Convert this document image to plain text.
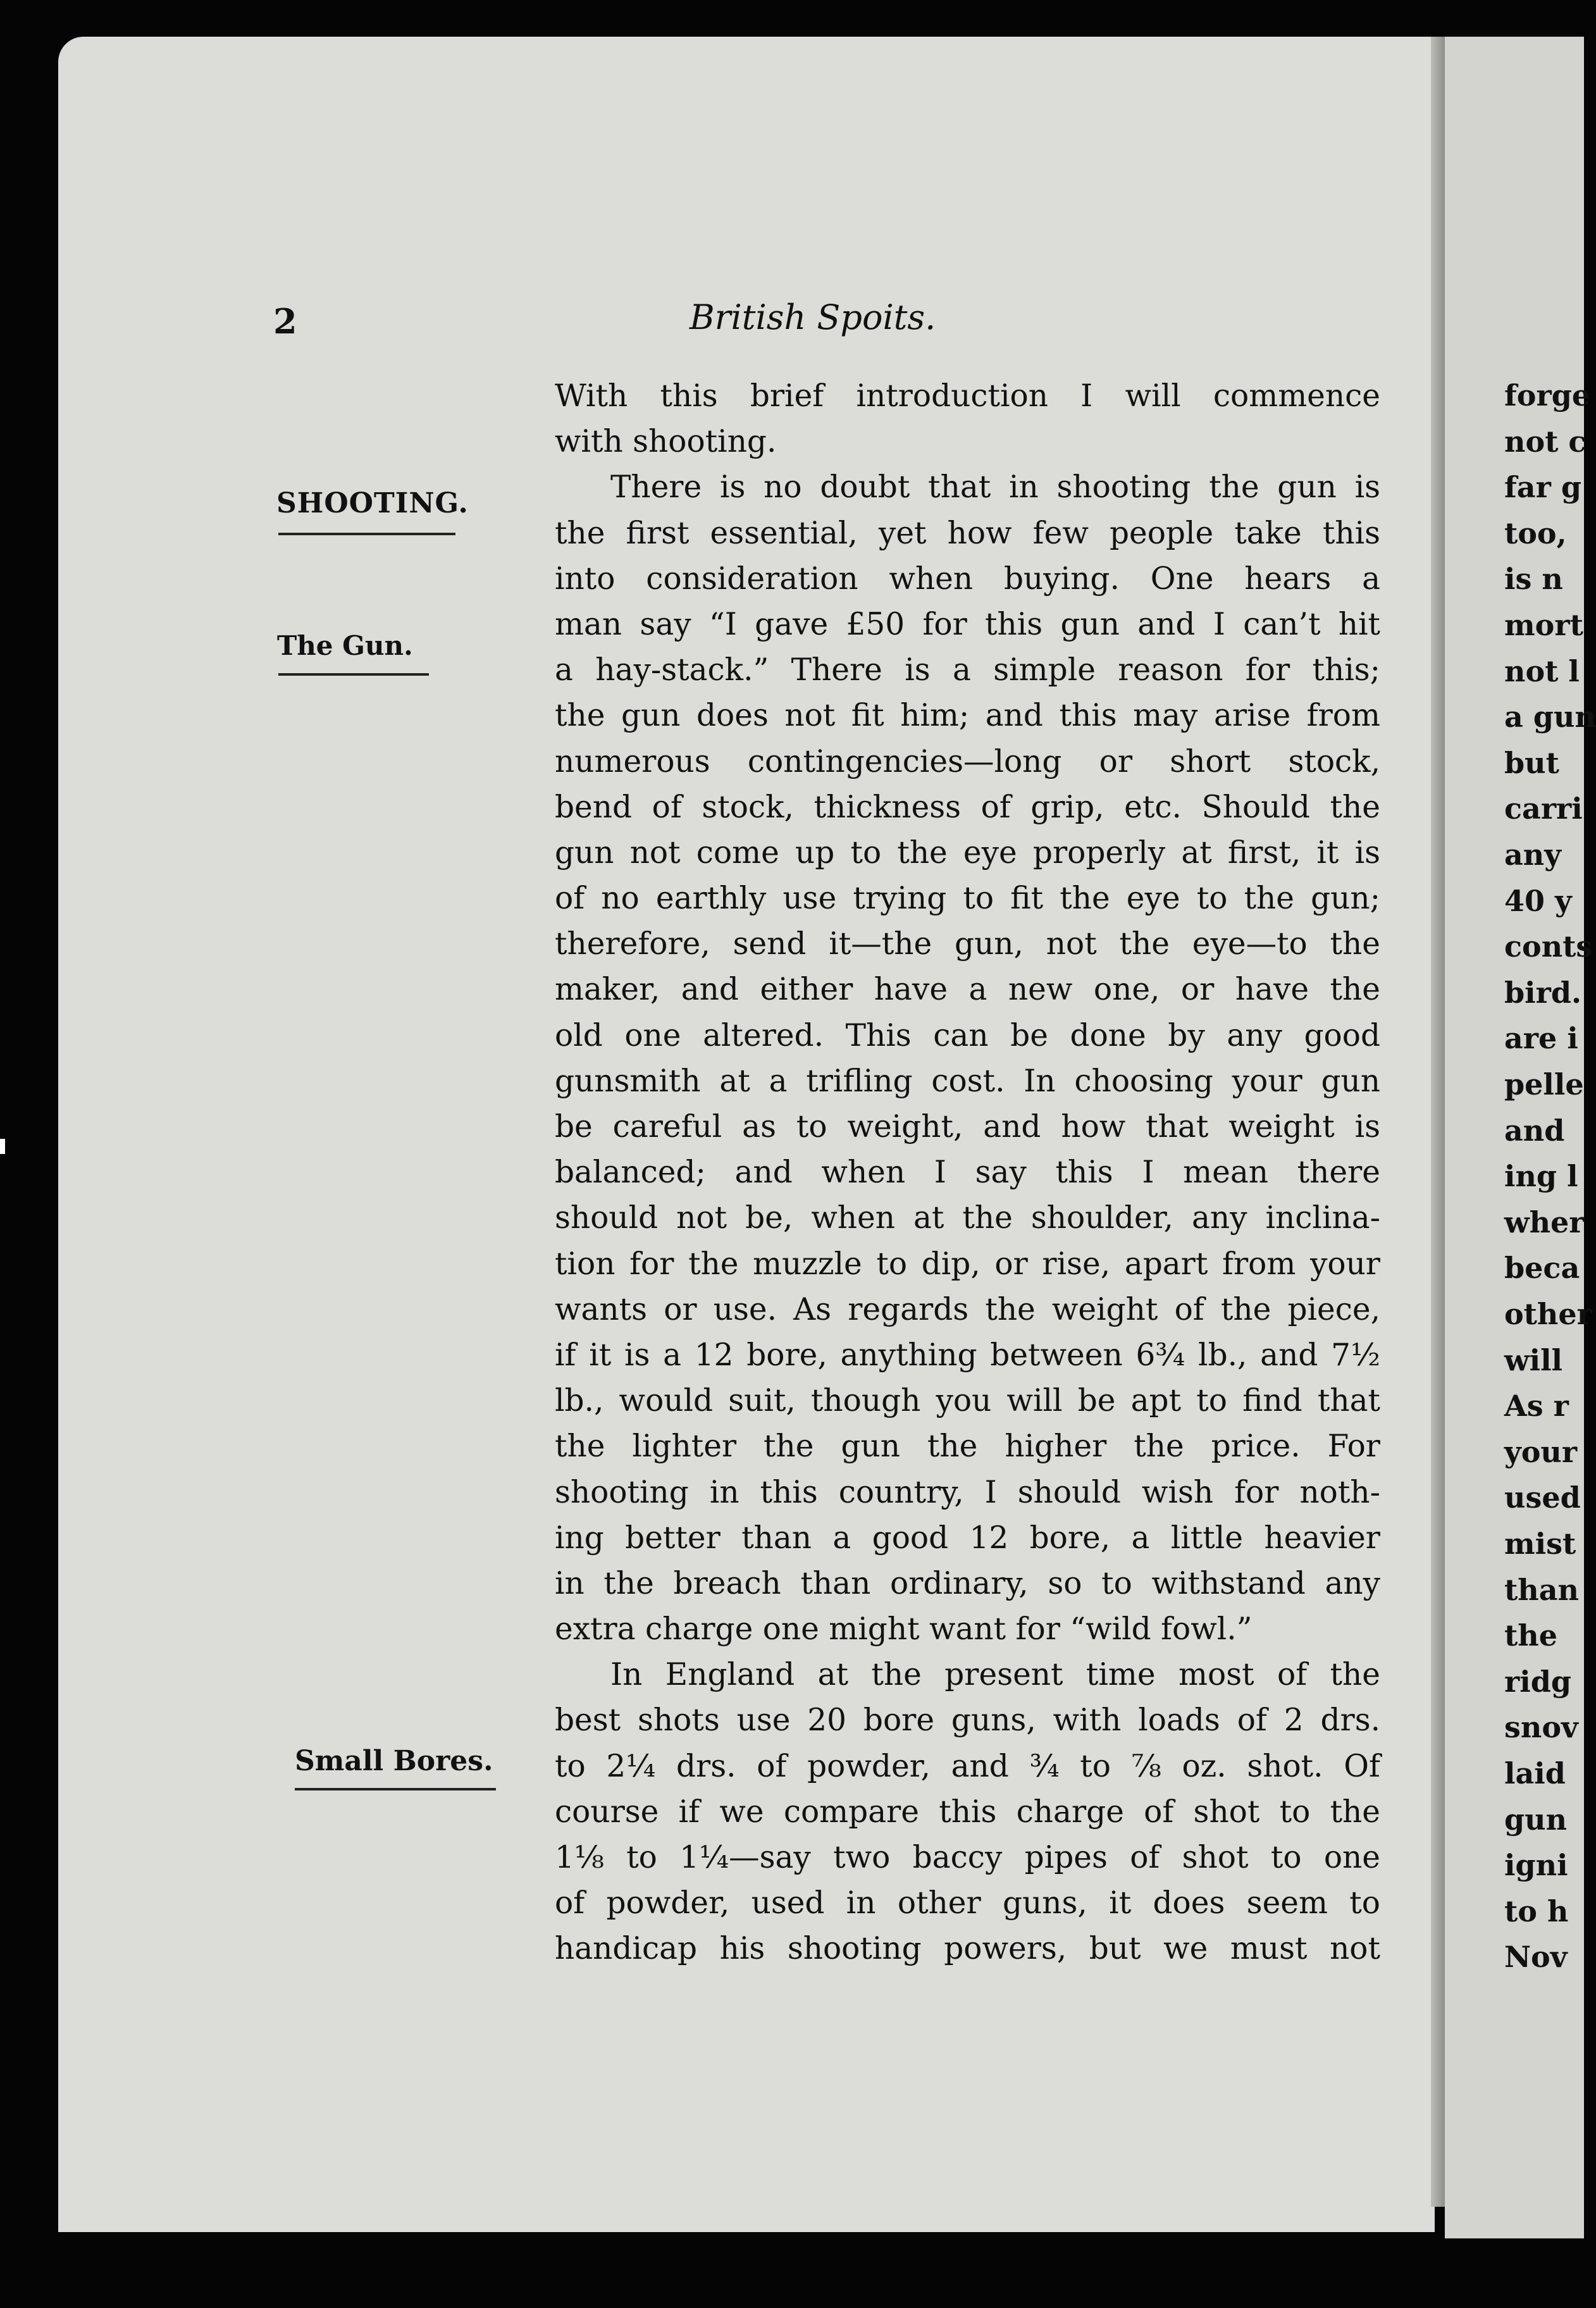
forge
not c
far g
too,
is n
mort
not l
a gun
but
carri
any
40 y
conts
bird.
are i
pelle
and
ing l
wher
beca
other
will
As r
your
used
mist
than
the
ridg
snov
laid
gun
igni
to h
Nov
2	British Spoits.
SHOOTING.
The Gun.
Small Bores.
With this brief introduction I will commence
with shooting.
There is no doubt that in shooting the gun is
the first essential, yet how few people take this
into consideration when buying. One hears a
man say “I gave £50 for this gun and I can’t hit
a hay-stack.” There is a simple reason for this;
the gun does not fit him; and this may arise from
numerous contingencies—long or short stock,
bend of stock, thickness of grip, etc. Should the
gun not come up to the eye properly at first, it is
of no earthly use trying to fit the eye to the gun;
therefore, send it—the gun, not the eye—to the
maker, and either have a new one, or have the
old one altered. This can be done by any good
gunsmith at a trifling cost. In choosing your gun
be careful as to weight, and how that weight is
balanced; and when I say this I mean there
should not be, when at the shoulder, any inclina-
tion for the muzzle to dip, or rise, apart from your
wants or use. As regards the weight of the piece,
if it is a 12 bore, anything between 6¾ lb., and 7½
lb., would suit, though you will be apt to find that
the lighter the gun the higher the price. For
shooting in this country, I should wish for noth-
ing better than a good 12 bore, a little heavier
in the breach than ordinary, so to withstand any
extra charge one might want for “wild fowl.”
In England at the present time most of the
best shots use 20 bore guns, with loads of 2 drs.
to 2¼ drs. of powder, and ¾ to ⅞ oz. shot. Of
course if we compare this charge of shot to the
1⅛ to 1¼—say two baccy pipes of shot to one
of powder, used in other guns, it does seem to
handicap his shooting powers, but we must not
